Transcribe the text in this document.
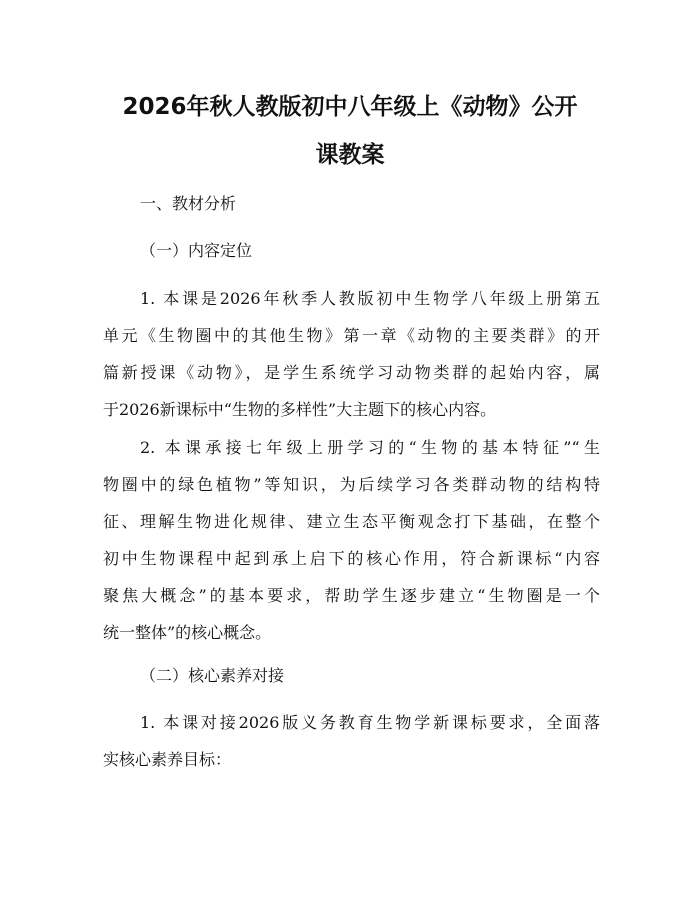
2026年秋人教版初中八年级上《动物》公开
课教案

一、教材分析

（一）内容定位

1. 本课是2026年秋季人教版初中生物学八年级上册第五
单元《生物圈中的其他生物》第一章《动物的主要类群》的开
篇新授课《动物》，是学生系统学习动物类群的起始内容，属
于2026新课标中“生物的多样性”大主题下的核心内容。
2. 本课承接七年级上册学习的“生物的基本特征”“生
物圈中的绿色植物”等知识，为后续学习各类群动物的结构特
征、理解生物进化规律、建立生态平衡观念打下基础，在整个
初中生物课程中起到承上启下的核心作用，符合新课标“内容
聚焦大概念”的基本要求，帮助学生逐步建立“生物圈是一个
统一整体”的核心概念。

（二）核心素养对接

1. 本课对接2026版义务教育生物学新课标要求，全面落
实核心素养目标：
